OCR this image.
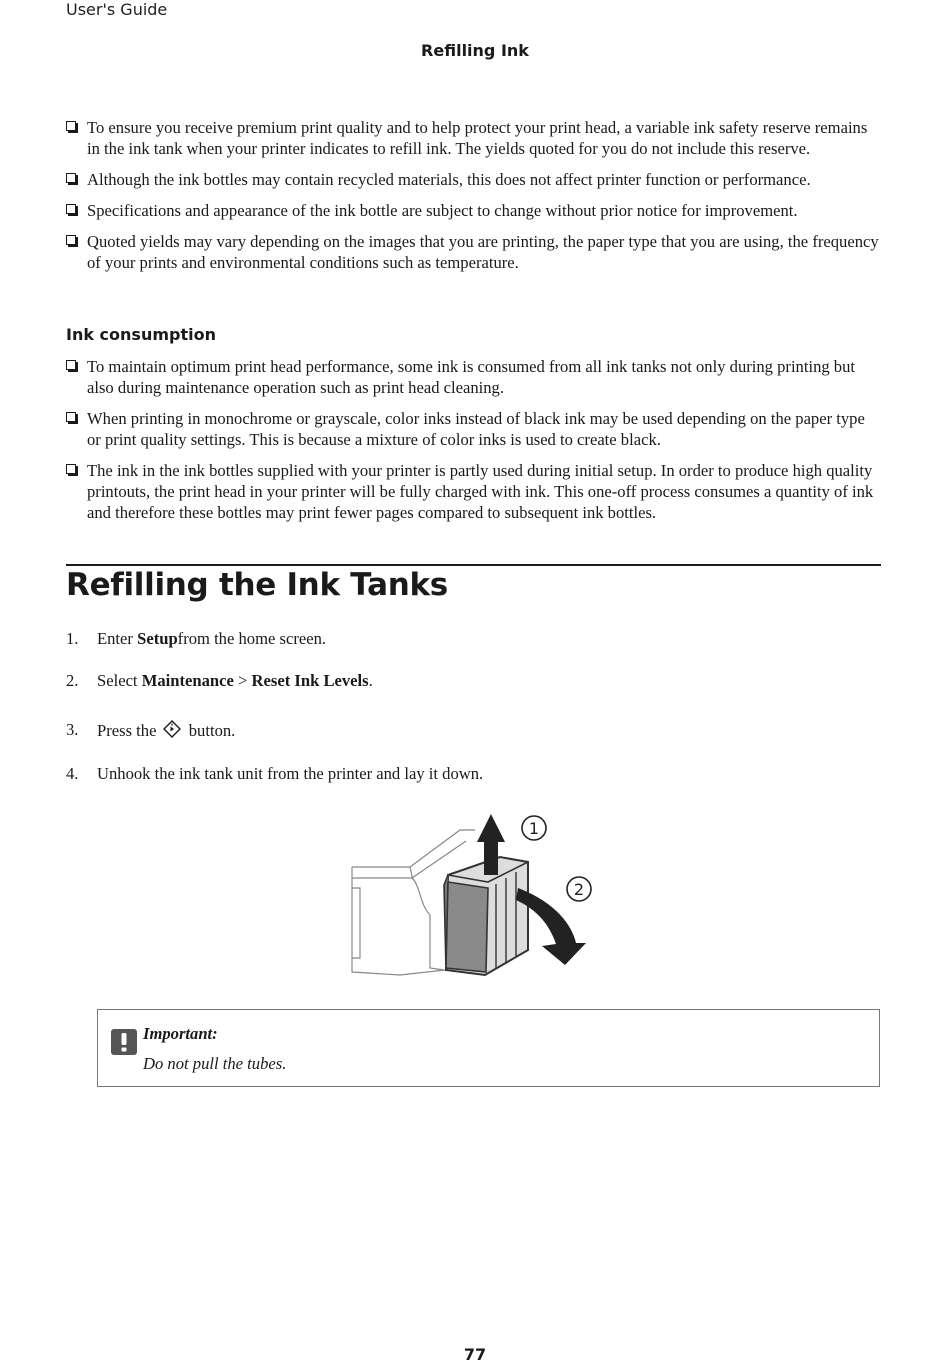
User's Guide
Refilling Ink
To ensure you receive premium print quality and to help protect your print head, a variable ink safety reserve remains in the ink tank when your printer indicates to refill ink. The yields quoted for you do not include this reserve.
Although the ink bottles may contain recycled materials, this does not affect printer function or performance.
Specifications and appearance of the ink bottle are subject to change without prior notice for improvement.
Quoted yields may vary depending on the images that you are printing, the paper type that you are using, the frequency of your prints and environmental conditions such as temperature.
Ink consumption
To maintain optimum print head performance, some ink is consumed from all ink tanks not only during printing but also during maintenance operation such as print head cleaning.
When printing in monochrome or grayscale, color inks instead of black ink may be used depending on the paper type or print quality settings. This is because a mixture of color inks is used to create black.
The ink in the ink bottles supplied with your printer is partly used during initial setup. In order to produce high quality printouts, the print head in your printer will be fully charged with ink. This one-off process consumes a quantity of ink and therefore these bottles may print fewer pages compared to subsequent ink bottles.
Refilling the Ink Tanks
1. Enter Setupfrom the home screen.
2. Select Maintenance > Reset Ink Levels.
3. Press the  button.
4. Unhook the ink tank unit from the printer and lay it down.
1
2
Important:
Do not pull the tubes.
77
